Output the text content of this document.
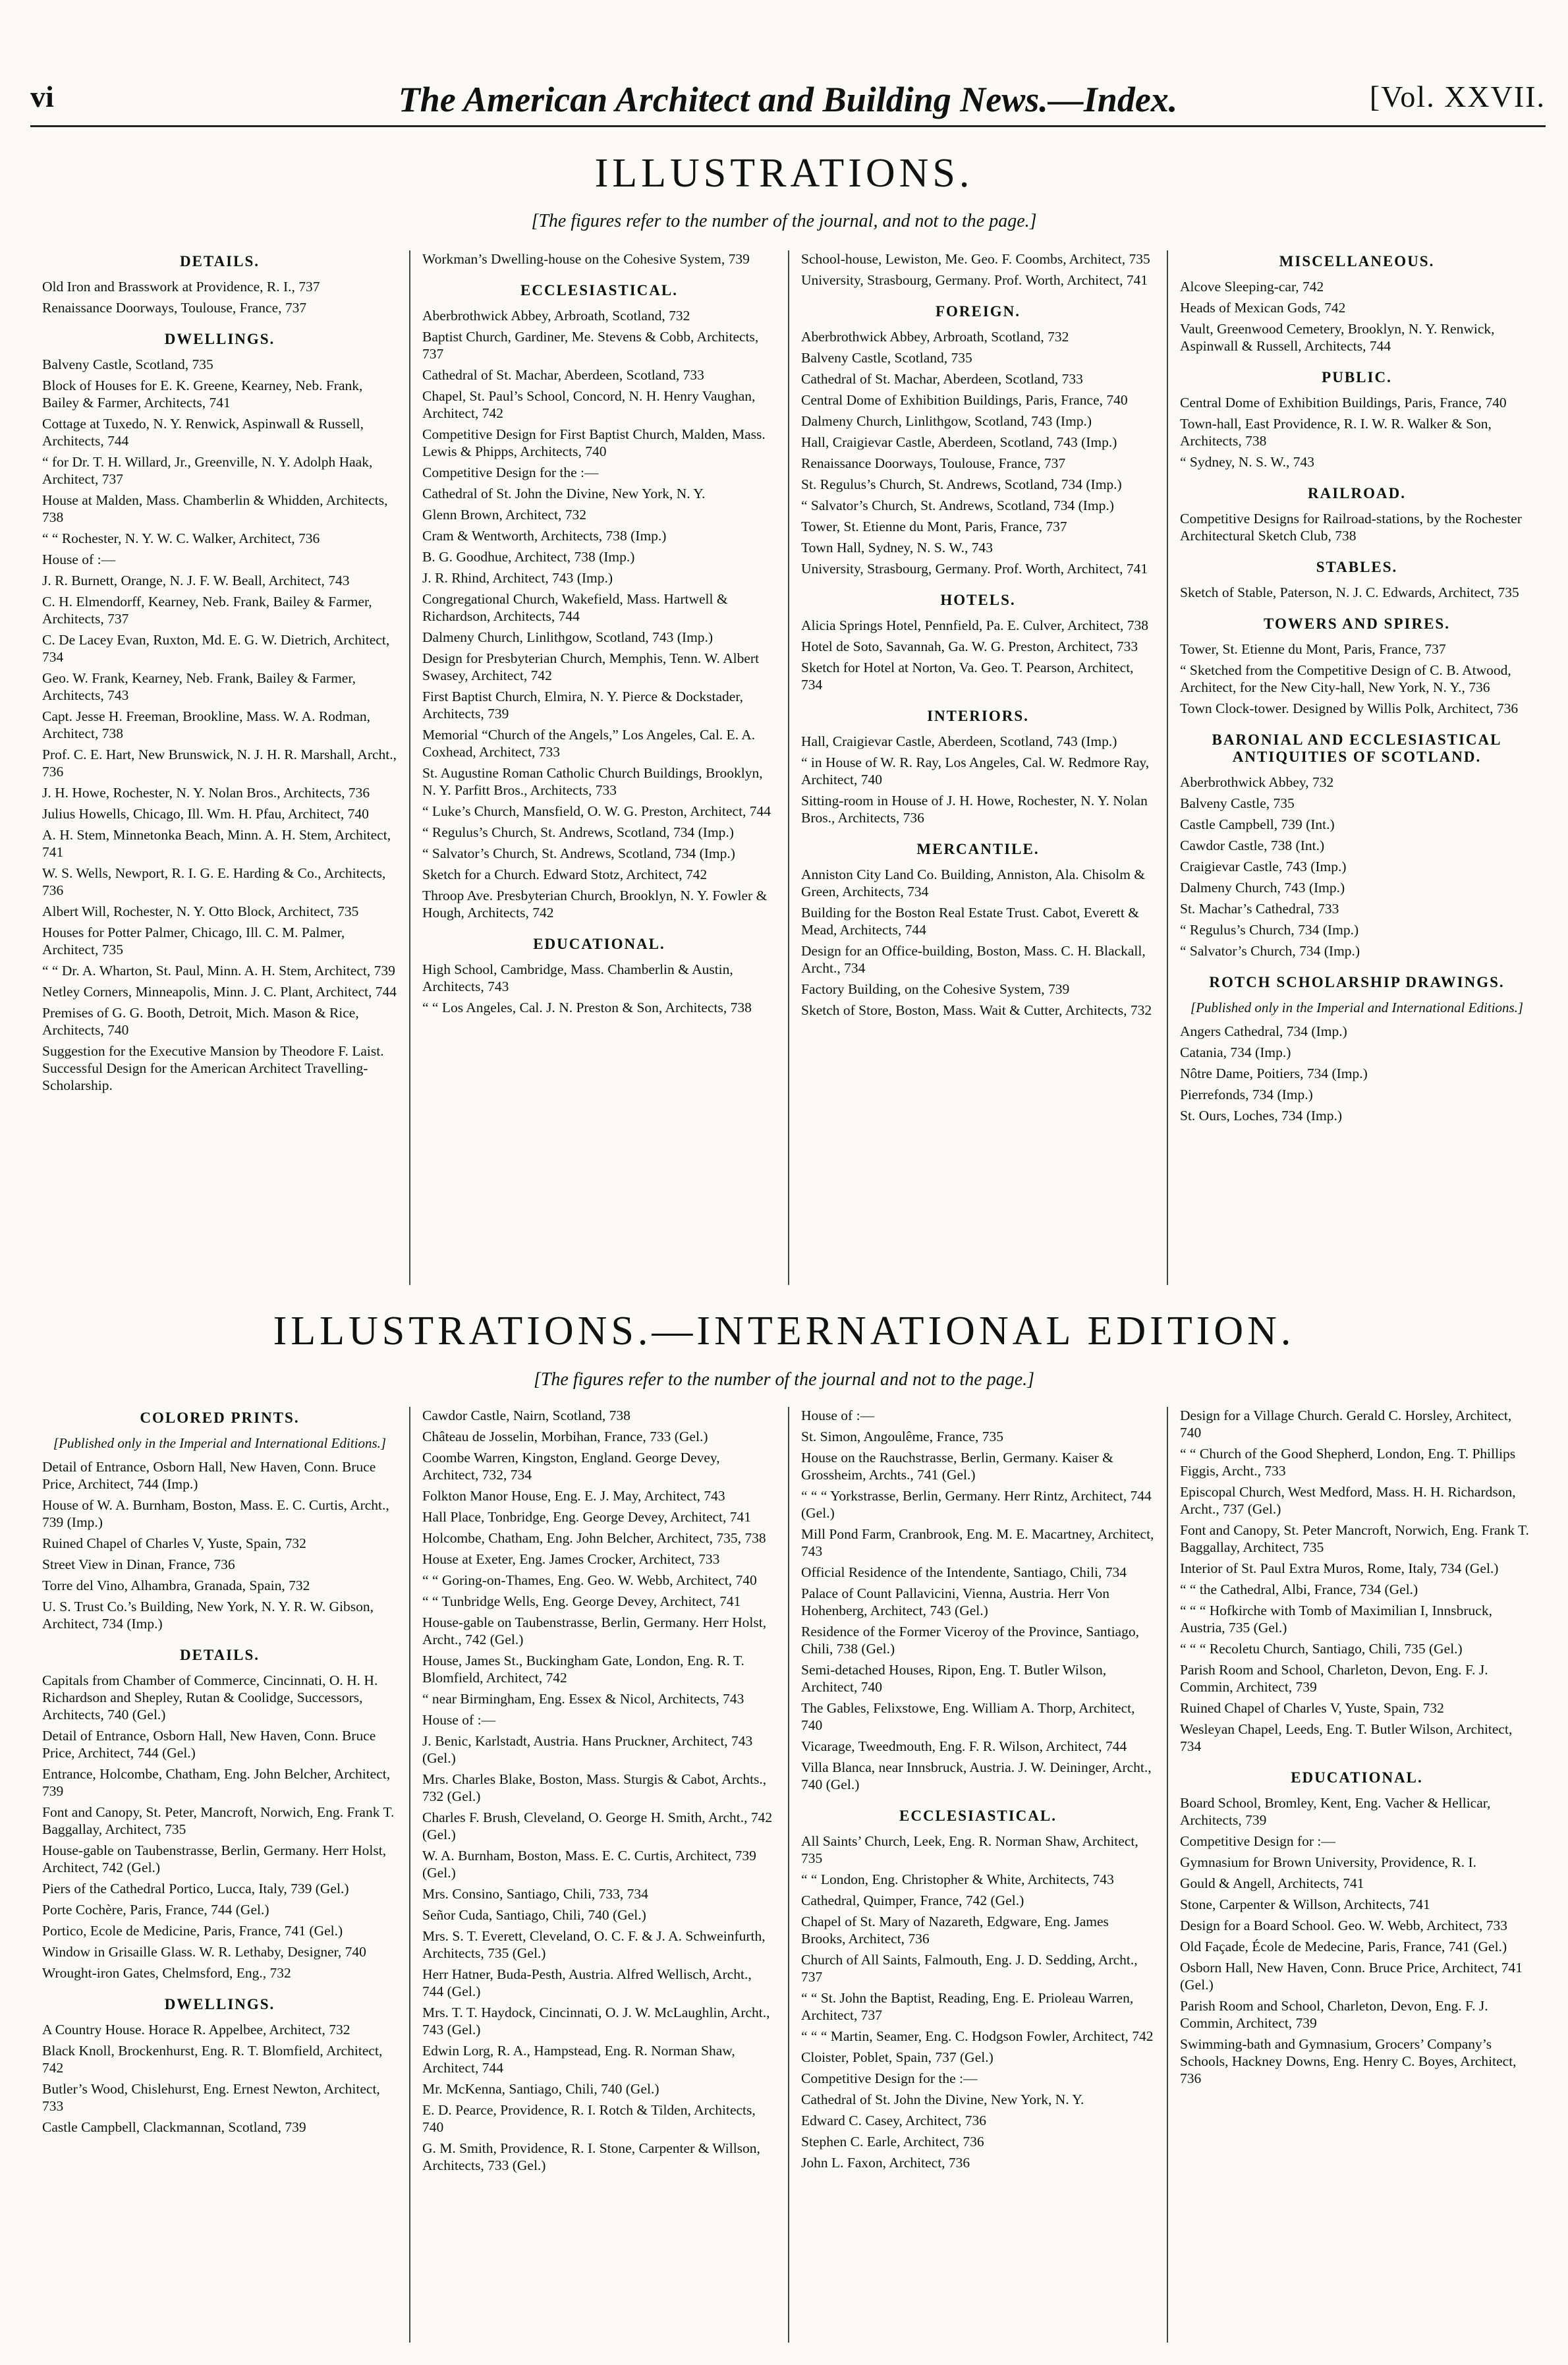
vi	The American Architect and Building News.—Index.	[Vol. XXVII.
ILLUSTRATIONS.
[The figures refer to the number of the journal, and not to the page.]
DETAILS.
Old Iron and Brasswork at Providence, R. I., 737
Renaissance Doorways, Toulouse, France, 737
DWELLINGS.
Balveny Castle, Scotland, 735
Block of Houses for E. K. Greene, Kearney, Neb. Frank, Bailey & Farmer, Architects, 741
Cottage at Tuxedo, N. Y. Renwick, Aspinwall & Russell, Architects, 744
“ for Dr. T. H. Willard, Jr., Greenville, N. Y. Adolph Haak, Architect, 737
House at Malden, Mass. Chamberlin & Whidden, Architects, 738
“ “ Rochester, N. Y. W. C. Walker, Architect, 736
House of :—
J. R. Burnett, Orange, N. J. F. W. Beall, Architect, 743
C. H. Elmendorff, Kearney, Neb. Frank, Bailey & Farmer, Architects, 737
C. De Lacey Evan, Ruxton, Md. E. G. W. Dietrich, Architect, 734
Geo. W. Frank, Kearney, Neb. Frank, Bailey & Farmer, Architects, 743
Capt. Jesse H. Freeman, Brookline, Mass. W. A. Rodman, Architect, 738
Prof. C. E. Hart, New Brunswick, N. J. H. R. Marshall, Archt., 736
J. H. Howe, Rochester, N. Y. Nolan Bros., Architects, 736
Julius Howells, Chicago, Ill. Wm. H. Pfau, Architect, 740
A. H. Stem, Minnetonka Beach, Minn. A. H. Stem, Architect, 741
W. S. Wells, Newport, R. I. G. E. Harding & Co., Architects, 736
Albert Will, Rochester, N. Y. Otto Block, Architect, 735
Houses for Potter Palmer, Chicago, Ill. C. M. Palmer, Architect, 735
“ “ Dr. A. Wharton, St. Paul, Minn. A. H. Stem, Architect, 739
Netley Corners, Minneapolis, Minn. J. C. Plant, Architect, 744
Premises of G. G. Booth, Detroit, Mich. Mason & Rice, Architects, 740
Suggestion for the Executive Mansion by Theodore F. Laist. Successful Design for the American Architect Travelling-Scholarship.
Workman’s Dwelling-house on the Cohesive System, 739
ECCLESIASTICAL.
Aberbrothwick Abbey, Arbroath, Scotland, 732
Baptist Church, Gardiner, Me. Stevens & Cobb, Architects, 737
Cathedral of St. Machar, Aberdeen, Scotland, 733
Chapel, St. Paul’s School, Concord, N. H. Henry Vaughan, Architect, 742
Competitive Design for First Baptist Church, Malden, Mass. Lewis & Phipps, Architects, 740
Competitive Design for the :—
Cathedral of St. John the Divine, New York, N. Y.
Glenn Brown, Architect, 732
Cram & Wentworth, Architects, 738 (Imp.)
B. G. Goodhue, Architect, 738 (Imp.)
J. R. Rhind, Architect, 743 (Imp.)
Congregational Church, Wakefield, Mass. Hartwell & Richardson, Architects, 744
Dalmeny Church, Linlithgow, Scotland, 743 (Imp.)
Design for Presbyterian Church, Memphis, Tenn. W. Albert Swasey, Architect, 742
First Baptist Church, Elmira, N. Y. Pierce & Dockstader, Architects, 739
Memorial “Church of the Angels,” Los Angeles, Cal. E. A. Coxhead, Architect, 733
St. Augustine Roman Catholic Church Buildings, Brooklyn, N. Y. Parfitt Bros., Architects, 733
“ Luke’s Church, Mansfield, O. W. G. Preston, Architect, 744
“ Regulus’s Church, St. Andrews, Scotland, 734 (Imp.)
“ Salvator’s Church, St. Andrews, Scotland, 734 (Imp.)
Sketch for a Church. Edward Stotz, Architect, 742
Throop Ave. Presbyterian Church, Brooklyn, N. Y. Fowler & Hough, Architects, 742
EDUCATIONAL.
High School, Cambridge, Mass. Chamberlin & Austin, Architects, 743
“ “ Los Angeles, Cal. J. N. Preston & Son, Architects, 738
School-house, Lewiston, Me. Geo. F. Coombs, Architect, 735
University, Strasbourg, Germany. Prof. Worth, Architect, 741
FOREIGN.
Aberbrothwick Abbey, Arbroath, Scotland, 732
Balveny Castle, Scotland, 735
Cathedral of St. Machar, Aberdeen, Scotland, 733
Central Dome of Exhibition Buildings, Paris, France, 740
Dalmeny Church, Linlithgow, Scotland, 743 (Imp.)
Hall, Craigievar Castle, Aberdeen, Scotland, 743 (Imp.)
Renaissance Doorways, Toulouse, France, 737
St. Regulus’s Church, St. Andrews, Scotland, 734 (Imp.)
“ Salvator’s Church, St. Andrews, Scotland, 734 (Imp.)
Tower, St. Etienne du Mont, Paris, France, 737
Town Hall, Sydney, N. S. W., 743
University, Strasbourg, Germany. Prof. Worth, Architect, 741
HOTELS.
Alicia Springs Hotel, Pennfield, Pa. E. Culver, Architect, 738
Hotel de Soto, Savannah, Ga. W. G. Preston, Architect, 733
Sketch for Hotel at Norton, Va. Geo. T. Pearson, Architect, 734
INTERIORS.
Hall, Craigievar Castle, Aberdeen, Scotland, 743 (Imp.)
“ in House of W. R. Ray, Los Angeles, Cal. W. Redmore Ray, Architect, 740
Sitting-room in House of J. H. Howe, Rochester, N. Y. Nolan Bros., Architects, 736
MERCANTILE.
Anniston City Land Co. Building, Anniston, Ala. Chisolm & Green, Architects, 734
Building for the Boston Real Estate Trust. Cabot, Everett & Mead, Architects, 744
Design for an Office-building, Boston, Mass. C. H. Blackall, Archt., 734
Factory Building, on the Cohesive System, 739
Sketch of Store, Boston, Mass. Wait & Cutter, Architects, 732
MISCELLANEOUS.
Alcove Sleeping-car, 742
Heads of Mexican Gods, 742
Vault, Greenwood Cemetery, Brooklyn, N. Y. Renwick, Aspinwall & Russell, Architects, 744
PUBLIC.
Central Dome of Exhibition Buildings, Paris, France, 740
Town-hall, East Providence, R. I. W. R. Walker & Son, Architects, 738
“ Sydney, N. S. W., 743
RAILROAD.
Competitive Designs for Railroad-stations, by the Rochester Architectural Sketch Club, 738
STABLES.
Sketch of Stable, Paterson, N. J. C. Edwards, Architect, 735
TOWERS AND SPIRES.
Tower, St. Etienne du Mont, Paris, France, 737
“ Sketched from the Competitive Design of C. B. Atwood, Architect, for the New City-hall, New York, N. Y., 736
Town Clock-tower. Designed by Willis Polk, Architect, 736
BARONIAL AND ECCLESIASTICAL ANTIQUITIES OF SCOTLAND.
Aberbrothwick Abbey, 732
Balveny Castle, 735
Castle Campbell, 739 (Int.)
Cawdor Castle, 738 (Int.)
Craigievar Castle, 743 (Imp.)
Dalmeny Church, 743 (Imp.)
St. Machar’s Cathedral, 733
“ Regulus’s Church, 734 (Imp.)
“ Salvator’s Church, 734 (Imp.)
ROTCH SCHOLARSHIP DRAWINGS.
[Published only in the Imperial and International Editions.]
Angers Cathedral, 734 (Imp.)
Catania, 734 (Imp.)
Nôtre Dame, Poitiers, 734 (Imp.)
Pierrefonds, 734 (Imp.)
St. Ours, Loches, 734 (Imp.)
ILLUSTRATIONS.—INTERNATIONAL EDITION.
[The figures refer to the number of the journal and not to the page.]
COLORED PRINTS.
[Published only in the Imperial and International Editions.]
Detail of Entrance, Osborn Hall, New Haven, Conn. Bruce Price, Architect, 744 (Imp.)
House of W. A. Burnham, Boston, Mass. E. C. Curtis, Archt., 739 (Imp.)
Ruined Chapel of Charles V, Yuste, Spain, 732
Street View in Dinan, France, 736
Torre del Vino, Alhambra, Granada, Spain, 732
U. S. Trust Co.’s Building, New York, N. Y. R. W. Gibson, Architect, 734 (Imp.)
DETAILS.
Capitals from Chamber of Commerce, Cincinnati, O. H. H. Richardson and Shepley, Rutan & Coolidge, Successors, Architects, 740 (Gel.)
Detail of Entrance, Osborn Hall, New Haven, Conn. Bruce Price, Architect, 744 (Gel.)
Entrance, Holcombe, Chatham, Eng. John Belcher, Architect, 739
Font and Canopy, St. Peter, Mancroft, Norwich, Eng. Frank T. Baggallay, Architect, 735
House-gable on Taubenstrasse, Berlin, Germany. Herr Holst, Architect, 742 (Gel.)
Piers of the Cathedral Portico, Lucca, Italy, 739 (Gel.)
Porte Cochère, Paris, France, 744 (Gel.)
Portico, Ecole de Medicine, Paris, France, 741 (Gel.)
Window in Grisaille Glass. W. R. Lethaby, Designer, 740
Wrought-iron Gates, Chelmsford, Eng., 732
DWELLINGS.
A Country House. Horace R. Appelbee, Architect, 732
Black Knoll, Brockenhurst, Eng. R. T. Blomfield, Architect, 742
Butler’s Wood, Chislehurst, Eng. Ernest Newton, Architect, 733
Castle Campbell, Clackmannan, Scotland, 739
Cawdor Castle, Nairn, Scotland, 738
Château de Josselin, Morbihan, France, 733 (Gel.)
Coombe Warren, Kingston, England. George Devey, Architect, 732, 734
Folkton Manor House, Eng. E. J. May, Architect, 743
Hall Place, Tonbridge, Eng. George Devey, Architect, 741
Holcombe, Chatham, Eng. John Belcher, Architect, 735, 738
House at Exeter, Eng. James Crocker, Architect, 733
“ “ Goring-on-Thames, Eng. Geo. W. Webb, Architect, 740
“ “ Tunbridge Wells, Eng. George Devey, Architect, 741
House-gable on Taubenstrasse, Berlin, Germany. Herr Holst, Archt., 742 (Gel.)
House, James St., Buckingham Gate, London, Eng. R. T. Blomfield, Architect, 742
“ near Birmingham, Eng. Essex & Nicol, Architects, 743
House of :—
J. Benic, Karlstadt, Austria. Hans Pruckner, Architect, 743 (Gel.)
Mrs. Charles Blake, Boston, Mass. Sturgis & Cabot, Archts., 732 (Gel.)
Charles F. Brush, Cleveland, O. George H. Smith, Archt., 742 (Gel.)
W. A. Burnham, Boston, Mass. E. C. Curtis, Architect, 739 (Gel.)
Mrs. Consino, Santiago, Chili, 733, 734
Señor Cuda, Santiago, Chili, 740 (Gel.)
Mrs. S. T. Everett, Cleveland, O. C. F. & J. A. Schweinfurth, Architects, 735 (Gel.)
Herr Hatner, Buda-Pesth, Austria. Alfred Wellisch, Archt., 744 (Gel.)
Mrs. T. T. Haydock, Cincinnati, O. J. W. McLaughlin, Archt., 743 (Gel.)
Edwin Lorg, R. A., Hampstead, Eng. R. Norman Shaw, Architect, 744
Mr. McKenna, Santiago, Chili, 740 (Gel.)
E. D. Pearce, Providence, R. I. Rotch & Tilden, Architects, 740
G. M. Smith, Providence, R. I. Stone, Carpenter & Willson, Architects, 733 (Gel.)
House of :—
St. Simon, Angoulême, France, 735
House on the Rauchstrasse, Berlin, Germany. Kaiser & Grossheim, Archts., 741 (Gel.)
“ “ “ Yorkstrasse, Berlin, Germany. Herr Rintz, Architect, 744 (Gel.)
Mill Pond Farm, Cranbrook, Eng. M. E. Macartney, Architect, 743
Official Residence of the Intendente, Santiago, Chili, 734
Palace of Count Pallavicini, Vienna, Austria. Herr Von Hohenberg, Architect, 743 (Gel.)
Residence of the Former Viceroy of the Province, Santiago, Chili, 738 (Gel.)
Semi-detached Houses, Ripon, Eng. T. Butler Wilson, Architect, 740
The Gables, Felixstowe, Eng. William A. Thorp, Architect, 740
Vicarage, Tweedmouth, Eng. F. R. Wilson, Architect, 744
Villa Blanca, near Innsbruck, Austria. J. W. Deininger, Archt., 740 (Gel.)
ECCLESIASTICAL.
All Saints’ Church, Leek, Eng. R. Norman Shaw, Architect, 735
“ “ London, Eng. Christopher & White, Architects, 743
Cathedral, Quimper, France, 742 (Gel.)
Chapel of St. Mary of Nazareth, Edgware, Eng. James Brooks, Architect, 736
Church of All Saints, Falmouth, Eng. J. D. Sedding, Archt., 737
“ “ St. John the Baptist, Reading, Eng. E. Prioleau Warren, Architect, 737
“ “ “ Martin, Seamer, Eng. C. Hodgson Fowler, Architect, 742
Cloister, Poblet, Spain, 737 (Gel.)
Competitive Design for the :—
Cathedral of St. John the Divine, New York, N. Y.
Edward C. Casey, Architect, 736
Stephen C. Earle, Architect, 736
John L. Faxon, Architect, 736
Design for a Village Church. Gerald C. Horsley, Architect, 740
“ “ Church of the Good Shepherd, London, Eng. T. Phillips Figgis, Archt., 733
Episcopal Church, West Medford, Mass. H. H. Richardson, Archt., 737 (Gel.)
Font and Canopy, St. Peter Mancroft, Norwich, Eng. Frank T. Baggallay, Architect, 735
Interior of St. Paul Extra Muros, Rome, Italy, 734 (Gel.)
“ “ the Cathedral, Albi, France, 734 (Gel.)
“ “ “ Hofkirche with Tomb of Maximilian I, Innsbruck, Austria, 735 (Gel.)
“ “ “ Recoletu Church, Santiago, Chili, 735 (Gel.)
Parish Room and School, Charleton, Devon, Eng. F. J. Commin, Architect, 739
Ruined Chapel of Charles V, Yuste, Spain, 732
Wesleyan Chapel, Leeds, Eng. T. Butler Wilson, Architect, 734
EDUCATIONAL.
Board School, Bromley, Kent, Eng. Vacher & Hellicar, Architects, 739
Competitive Design for :—
Gymnasium for Brown University, Providence, R. I.
Gould & Angell, Architects, 741
Stone, Carpenter & Willson, Architects, 741
Design for a Board School. Geo. W. Webb, Architect, 733
Old Façade, École de Medecine, Paris, France, 741 (Gel.)
Osborn Hall, New Haven, Conn. Bruce Price, Architect, 741 (Gel.)
Parish Room and School, Charleton, Devon, Eng. F. J. Commin, Architect, 739
Swimming-bath and Gymnasium, Grocers’ Company’s Schools, Hackney Downs, Eng. Henry C. Boyes, Architect, 736
